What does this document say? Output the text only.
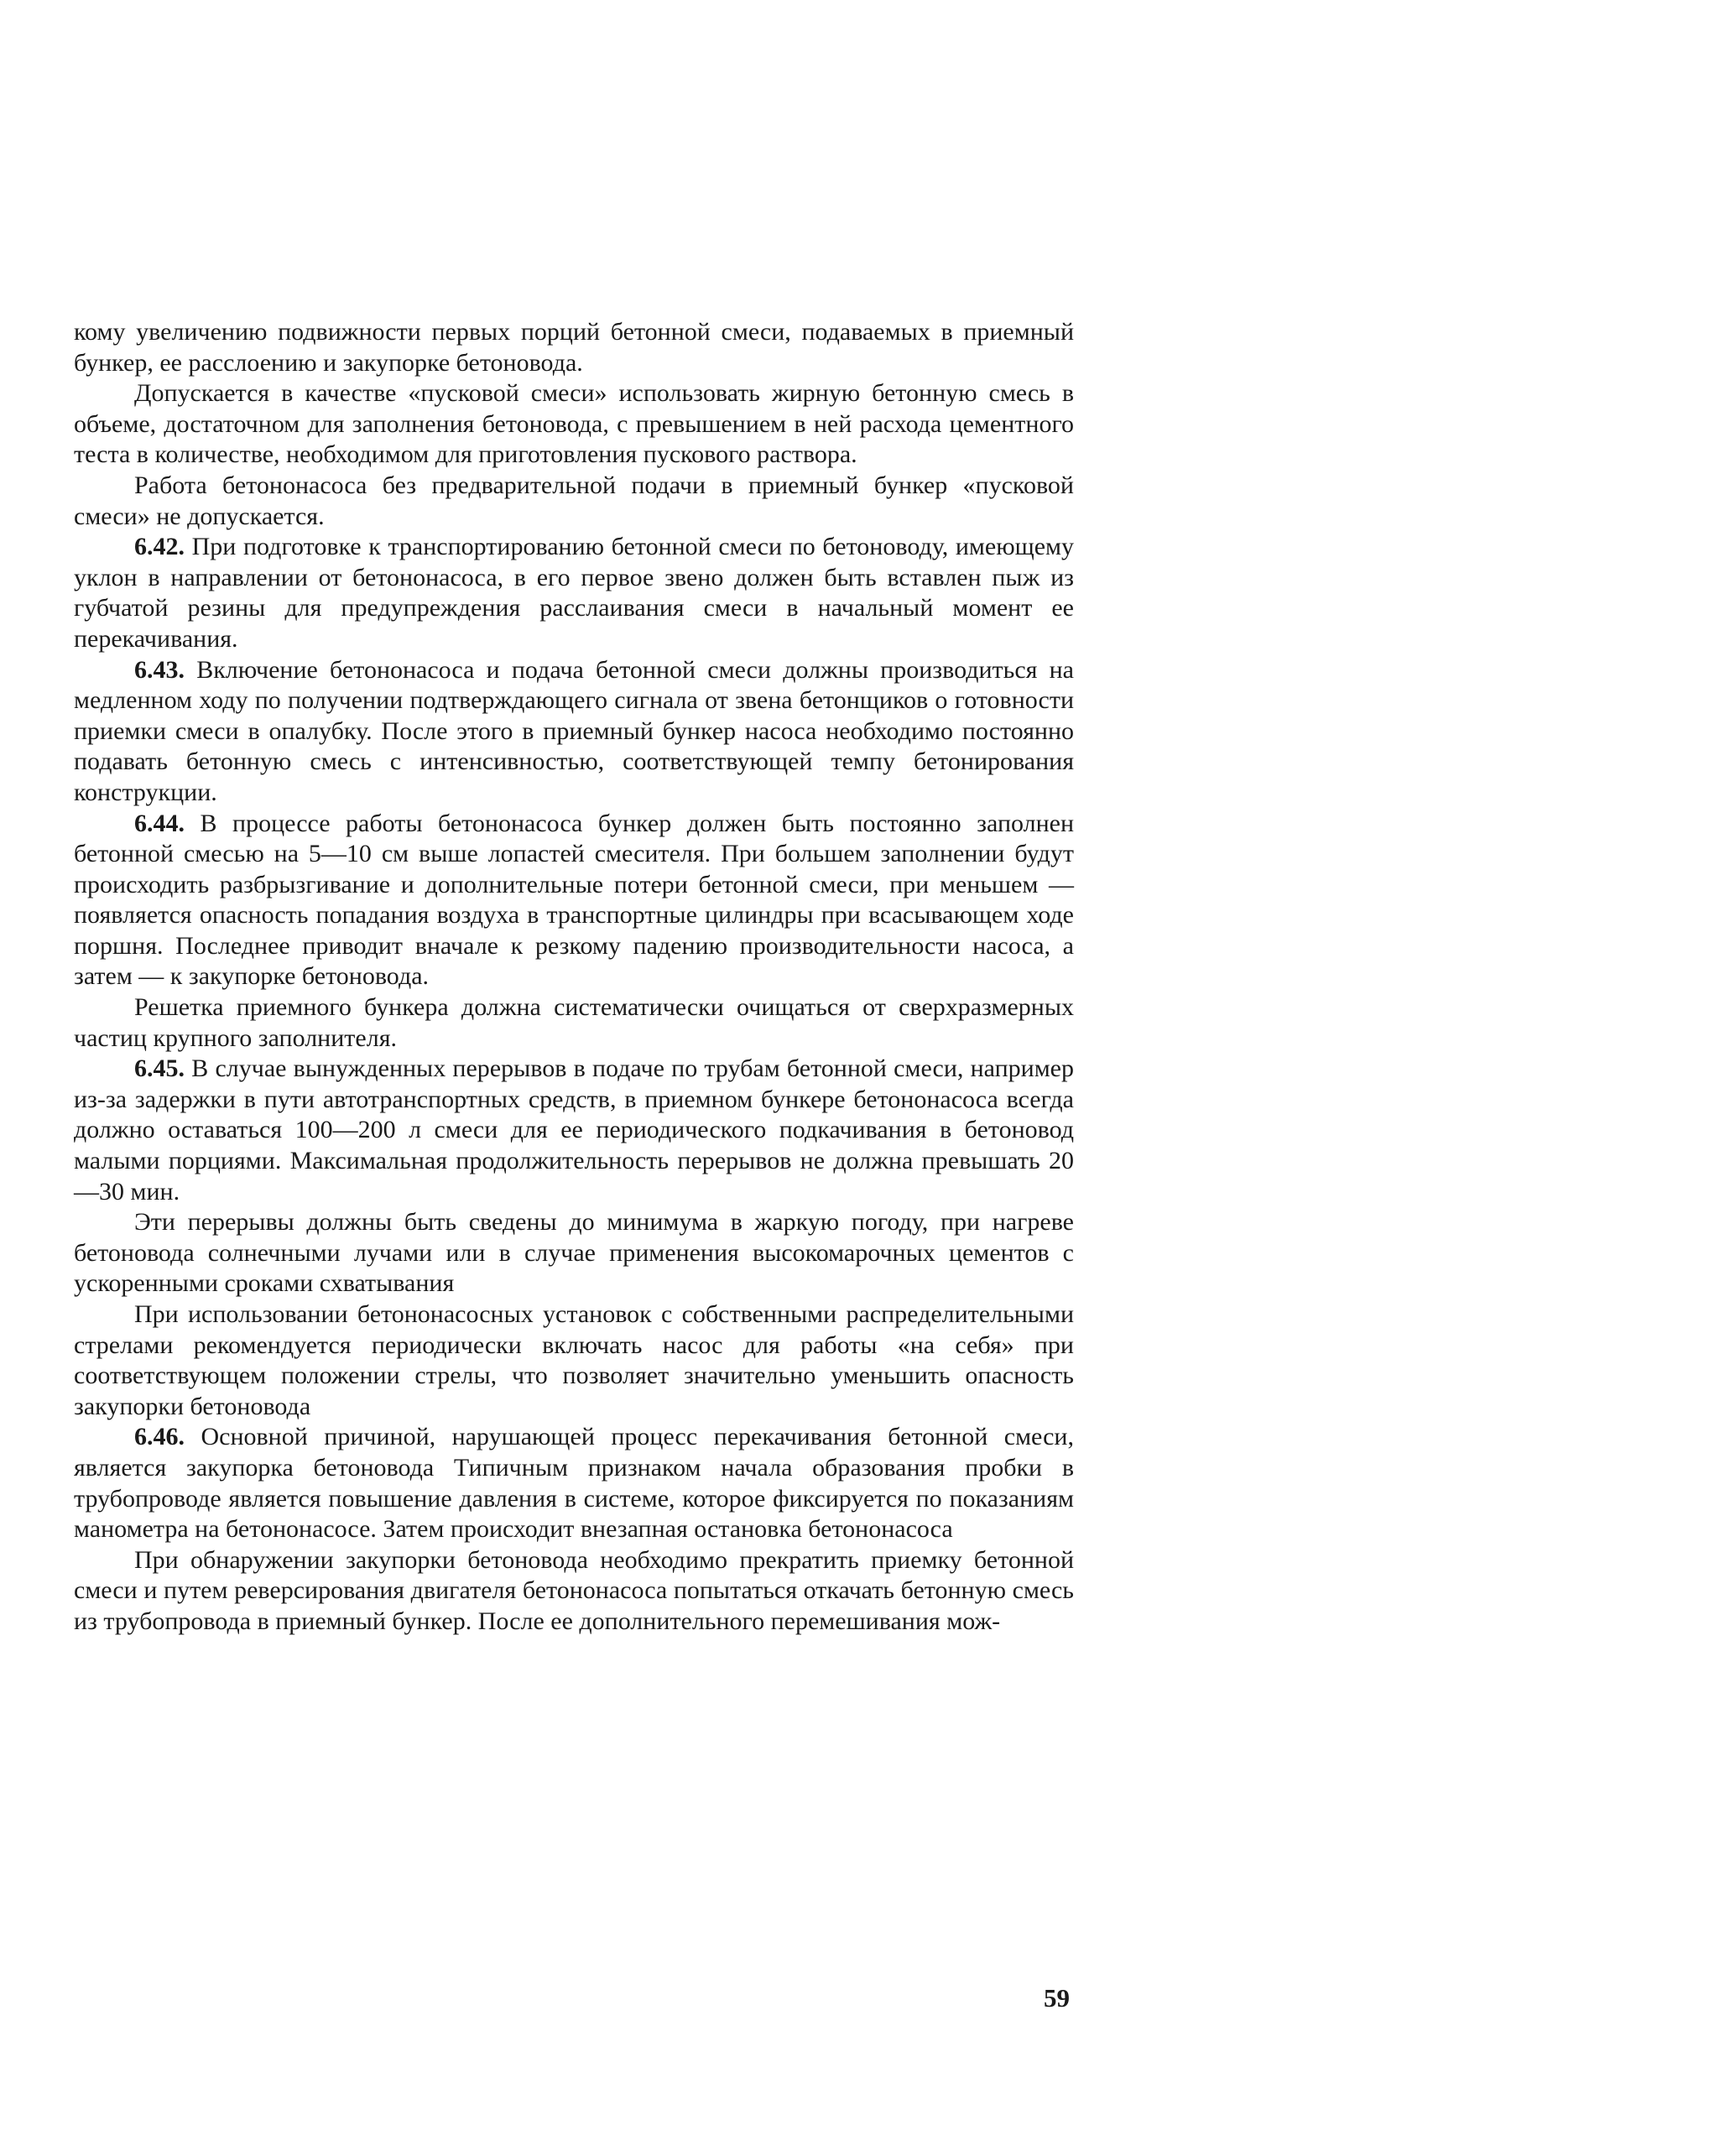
кому увеличению подвижности первых порций бетонной смеси, подаваемых в приемный бункер, ее расслоению и закупорке бетоновода.

Допускается в качестве «пусковой смеси» использовать жирную бетонную смесь в объеме, достаточном для заполнения бетоновода, с превышением в ней расхода цементного теста в количестве, необходимом для приготовления пускового раствора.

Работа бетононасоса без предварительной подачи в приемный бункер «пусковой смеси» не допускается.

6.42. При подготовке к транспортированию бетонной смеси по бетоноводу, имеющему уклон в направлении от бетононасоса, в его первое звено должен быть вставлен пыж из губчатой резины для предупреждения расслаивания смеси в начальный момент ее перекачивания.

6.43. Включение бетононасоса и подача бетонной смеси должны производиться на медленном ходу по получении подтверждающего сигнала от звена бетонщиков о готовности приемки смеси в опалубку. После этого в приемный бункер насоса необходимо постоянно подавать бетонную смесь с интенсивностью, соответствующей темпу бетонирования конструкции.

6.44. В процессе работы бетононасоса бункер должен быть постоянно заполнен бетонной смесью на 5—10 см выше лопастей смесителя. При большем заполнении будут происходить разбрызгивание и дополнительные потери бетонной смеси, при меньшем — появляется опасность попадания воздуха в транспортные цилиндры при всасывающем ходе поршня. Последнее приводит вначале к резкому падению производительности насоса, а затем — к закупорке бетоновода.

Решетка приемного бункера должна систематически очищаться от сверхразмерных частиц крупного заполнителя.

6.45. В случае вынужденных перерывов в подаче по трубам бетонной смеси, например из-за задержки в пути автотранспортных средств, в приемном бункере бетононасоса всегда должно оставаться 100—200 л смеси для ее периодического подкачивания в бетоновод малыми порциями. Максимальная продолжительность перерывов не должна превышать 20—30 мин.

Эти перерывы должны быть сведены до минимума в жаркую погоду, при нагреве бетоновода солнечными лучами или в случае применения высокомарочных цементов с ускоренными сроками схватывания

При использовании бетононасосных установок с собственными распределительными стрелами рекомендуется периодически включать насос для работы «на себя» при соответствующем положении стрелы, что позволяет значительно уменьшить опасность закупорки бетоновода

6.46. Основной причиной, нарушающей процесс перекачивания бетонной смеси, является закупорка бетоновода Типичным признаком начала образования пробки в трубопроводе является повышение давления в системе, которое фиксируется по показаниям манометра на бетононасосе. Затем происходит внезапная остановка бетононасоса

При обнаружении закупорки бетоновода необходимо прекратить приемку бетонной смеси и путем реверсирования двигателя бетононасоса попытаться откачать бетонную смесь из трубопровода в приемный бункер. После ее дополнительного перемешивания мож-

59
